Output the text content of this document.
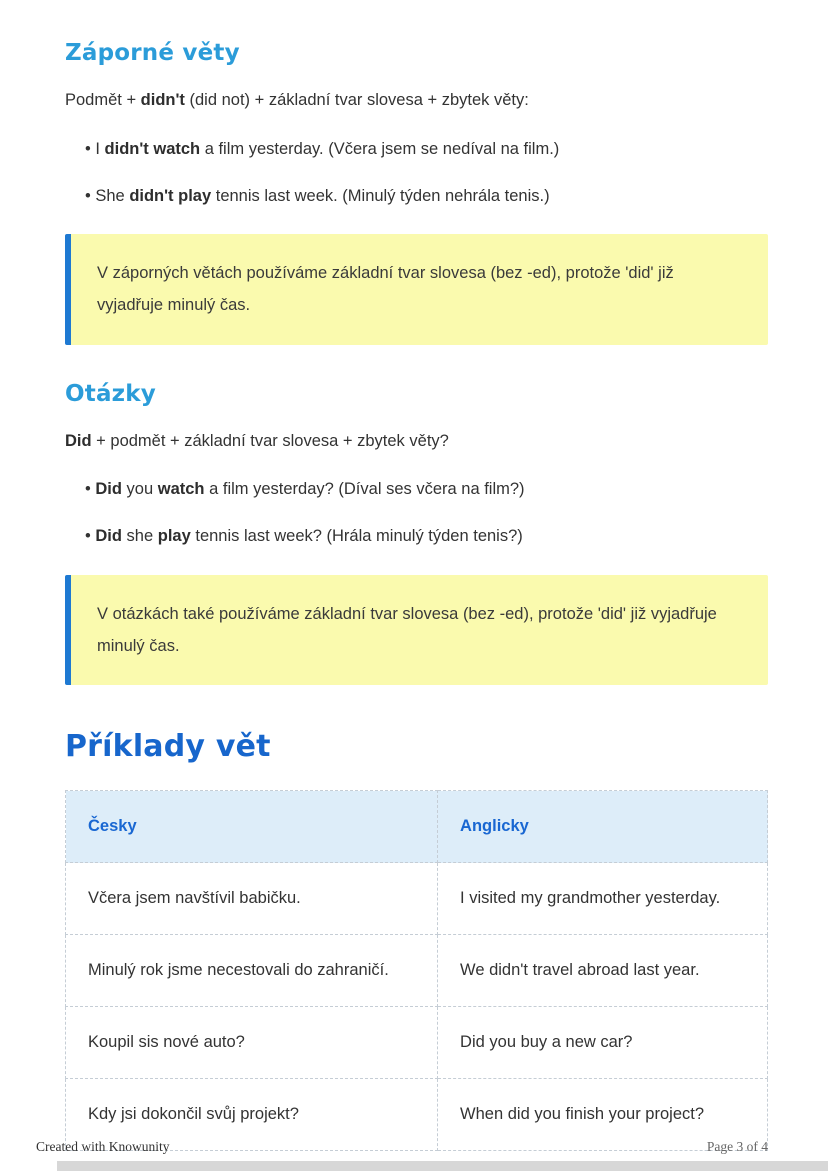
Záporné věty

Podmět + didn't (did not) + základní tvar slovesa + zbytek věty:

• I didn't watch a film yesterday. (Včera jsem se nedíval na film.)

• She didn't play tennis last week. (Minulý týden nehrála tenis.)

V záporných větách používáme základní tvar slovesa (bez -ed), protože 'did' již vyjadřuje minulý čas.

Otázky

Did + podmět + základní tvar slovesa + zbytek věty?

• Did you watch a film yesterday? (Díval ses včera na film?)

• Did she play tennis last week? (Hrála minulý týden tenis?)

V otázkách také používáme základní tvar slovesa (bez -ed), protože 'did' již vyjadřuje minulý čas.

Příklady vět
Česky	Anglicky
Včera jsem navštívil babičku.	I visited my grandmother yesterday.
Minulý rok jsme necestovali do zahraničí.	We didn't travel abroad last year.
Koupil sis nové auto?	Did you buy a new car?
Kdy jsi dokončil svůj projekt?	When did you finish your project?
Created with Knowunity	Page 3 of 4
